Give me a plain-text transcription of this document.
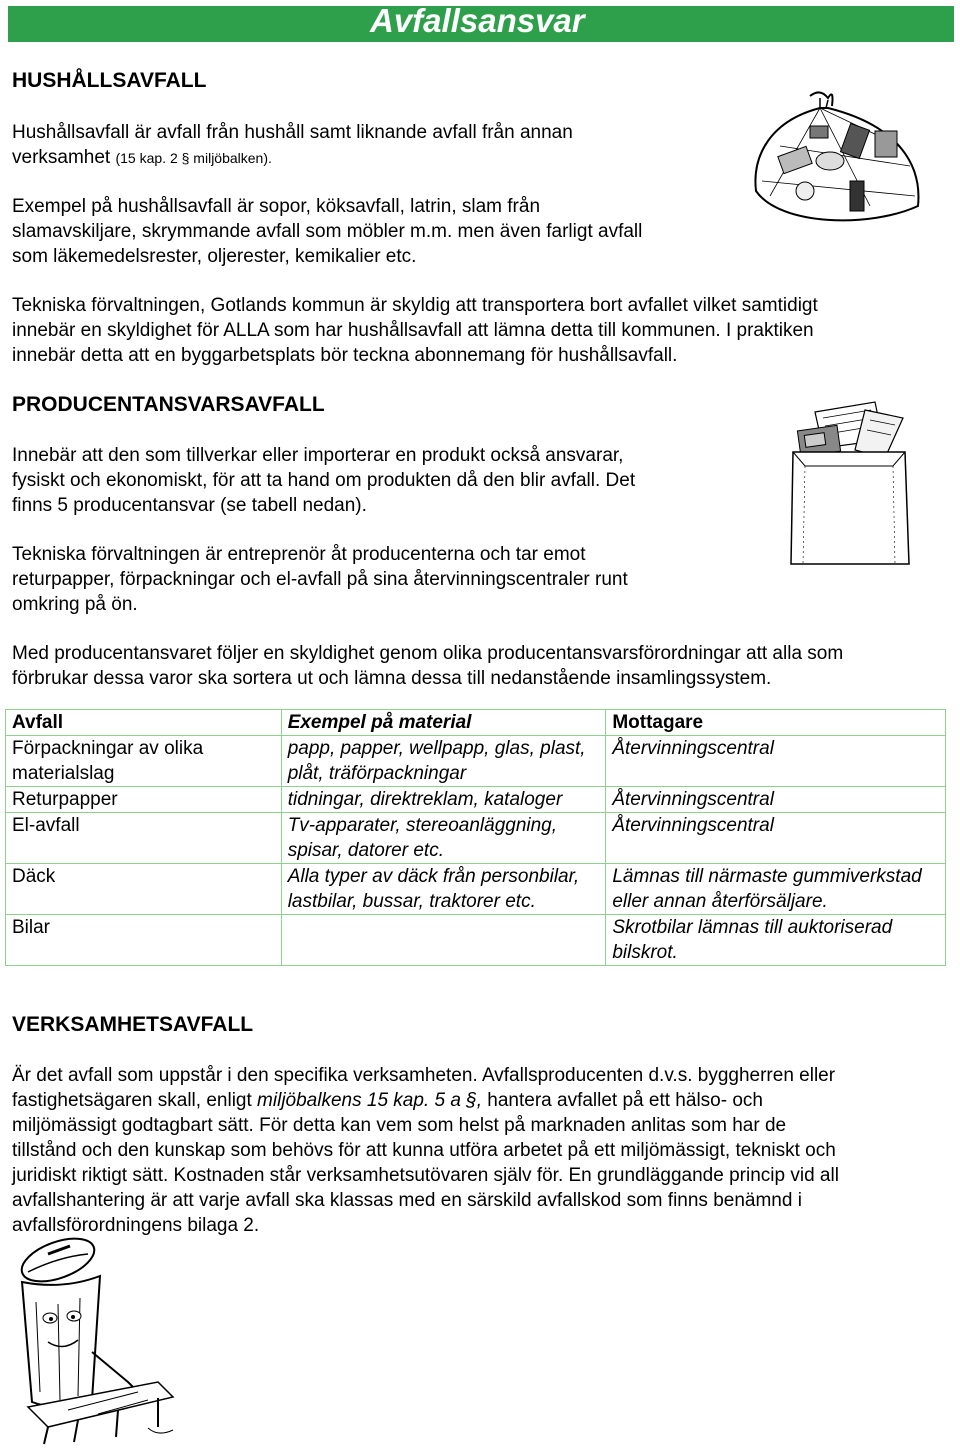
Avfallsansvar
HUSHÅLLSAVFALL
Hushållsavfall är avfall från hushåll samt liknande avfall från annan
verksamhet (15 kap. 2 § miljöbalken).
Exempel på hushållsavfall är sopor, köksavfall, latrin, slam från
slamavskiljare, skrymmande avfall som möbler m.m. men även farligt avfall
som läkemedelsrester, oljerester, kemikalier etc.
Tekniska förvaltningen, Gotlands kommun är skyldig att transportera bort avfallet vilket samtidigt
innebär en skyldighet för ALLA som har hushållsavfall att lämna detta till kommunen. I praktiken
innebär detta att en byggarbetsplats bör teckna abonnemang för hushållsavfall.
PRODUCENTANSVARSAVFALL
Innebär att den som tillverkar eller importerar en produkt också ansvarar,
fysiskt och ekonomiskt, för att ta hand om produkten då den blir avfall. Det
finns 5 producentansvar (se tabell nedan).
Tekniska förvaltningen är entreprenör åt producenterna och tar emot
returpapper, förpackningar och el-avfall på sina återvinningscentraler runt
omkring på ön.
Med producentansvaret följer en skyldighet genom olika producentansvarsförordningar att alla som
förbrukar dessa varor ska sortera ut och lämna dessa till nedanstående insamlingssystem.
Avfall	Exempel på material	Mottagare
Förpackningar av olika materialslag	papp, papper, wellpapp, glas, plast, plåt, träförpackningar	Återvinningscentral
Returpapper	tidningar, direktreklam, kataloger	Återvinningscentral
El-avfall	Tv-apparater, stereoanläggning, spisar, datorer etc.	Återvinningscentral
Däck	Alla typer av däck från personbilar, lastbilar, bussar, traktorer etc.	Lämnas till närmaste gummiverkstad eller annan återförsäljare.
Bilar		Skrotbilar lämnas till auktoriserad bilskrot.
VERKSAMHETSAVFALL
Är det avfall som uppstår i den specifika verksamheten. Avfallsproducenten d.v.s. byggherren eller
fastighetsägaren skall, enligt miljöbalkens 15 kap. 5 a §, hantera avfallet på ett hälso- och
miljömässigt godtagbart sätt. För detta kan vem som helst på marknaden anlitas som har de
tillstånd och den kunskap som behövs för att kunna utföra arbetet på ett miljömässigt, tekniskt och
juridiskt riktigt sätt. Kostnaden står verksamhetsutövaren själv för. En grundläggande princip vid all
avfallshantering är att varje avfall ska klassas med en särskild avfallskod som finns benämnd i
avfallsförordningens bilaga 2.
